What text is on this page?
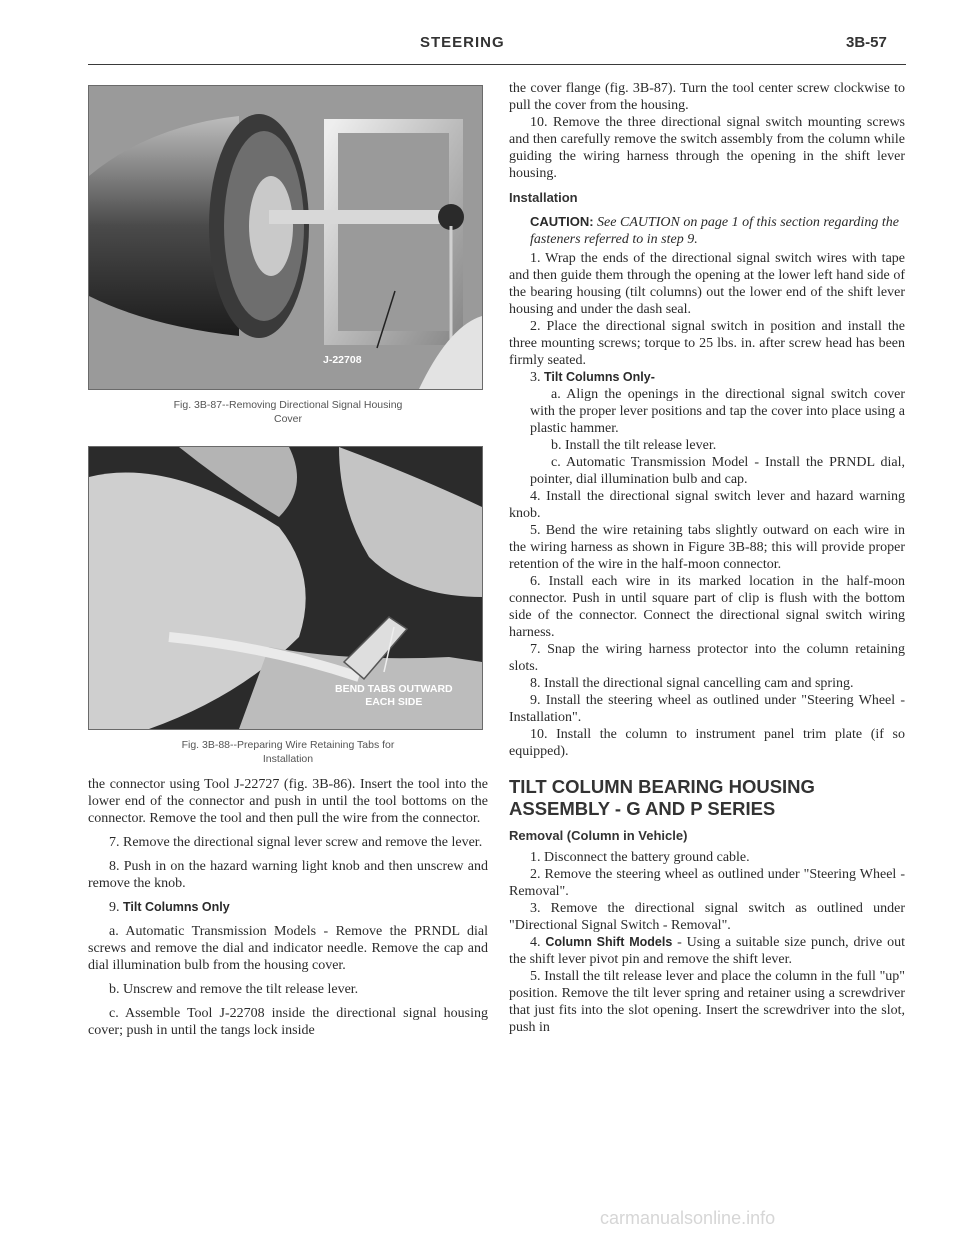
STEERING	3B-57
J-22708
Fig. 3B-87--Removing Directional Signal Housing
Cover
BEND TABS OUTWARD
EACH SIDE
Fig. 3B-88--Preparing Wire Retaining Tabs for
Installation

the connector using Tool J-22727 (fig. 3B-86). Insert the tool into the lower end of the connector and push in until the tool bottoms on the connector. Remove the tool and then pull the wire from the connector.

7. Remove the directional signal lever screw and remove the lever.

8. Push in on the hazard warning light knob and then unscrew and remove the knob.

9. Tilt Columns Only

a. Automatic Transmission Models - Remove the PRNDL dial screws and remove the dial and indicator needle. Remove the cap and dial illumination bulb from the housing cover.

b. Unscrew and remove the tilt release lever.

c. Assemble Tool J-22708 inside the directional signal housing cover; push in until the tangs lock inside

the cover flange (fig. 3B-87). Turn the tool center screw clockwise to pull the cover from the housing.

10. Remove the three directional signal switch mounting screws and then carefully remove the switch assembly from the column while guiding the wiring harness through the opening in the shift lever housing.

Installation
CAUTION: See CAUTION on page 1 of this section regarding the fasteners referred to in step 9.

1. Wrap the ends of the directional signal switch wires with tape and then guide them through the opening at the lower left hand side of the bearing housing (tilt columns) out the lower end of the shift lever housing and under the dash seal.

2. Place the directional signal switch in position and install the three mounting screws; torque to 25 lbs. in. after screw head has been firmly seated.

3. Tilt Columns Only-

a. Align the openings in the directional signal switch cover with the proper lever positions and tap the cover into place using a plastic hammer.

b. Install the tilt release lever.

c. Automatic Transmission Model - Install the PRNDL dial, pointer, dial illumination bulb and cap.

4. Install the directional signal switch lever and hazard warning knob.

5. Bend the wire retaining tabs slightly outward on each wire in the wiring harness as shown in Figure 3B-88; this will provide proper retention of the wire in the half-moon connector.

6. Install each wire in its marked location in the half-moon connector. Push in until square part of clip is flush with the bottom side of the connector. Connect the directional signal switch wiring harness.

7. Snap the wiring harness protector into the column retaining slots.

8. Install the directional signal cancelling cam and spring.

9. Install the steering wheel as outlined under "Steering Wheel - Installation".

10. Install the column to instrument panel trim plate (if so equipped).

TILT COLUMN BEARING HOUSING
ASSEMBLY - G AND P SERIES
Removal (Column in Vehicle)

1. Disconnect the battery ground cable.

2. Remove the steering wheel as outlined under "Steering Wheel - Removal".

3. Remove the directional signal switch as outlined under "Directional Signal Switch - Removal".

4. Column Shift Models - Using a suitable size punch, drive out the shift lever pivot pin and remove the shift lever.

5. Install the tilt release lever and place the column in the full "up" position. Remove the tilt lever spring and retainer using a screwdriver that just fits into the slot opening. Insert the screwdriver into the slot, push in

carmanualsonline.info
